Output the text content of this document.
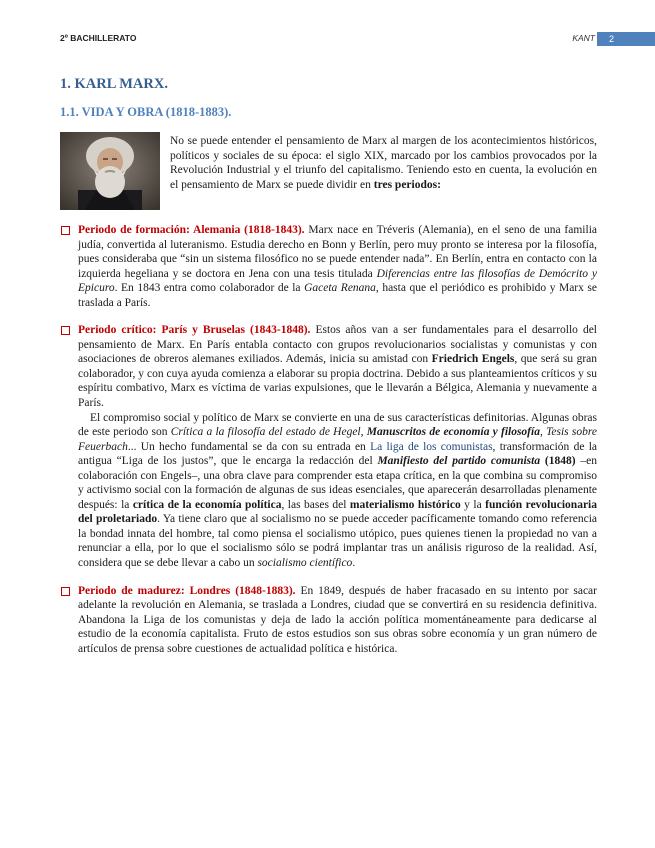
2º BACHILLERATO	KANT	2
1. KARL MARX.
1.1. VIDA Y OBRA (1818-1883).

No se puede entender el pensamiento de Marx al margen de los acontecimientos históricos, políticos y sociales de su época: el siglo XIX, marcado por los cambios provocados por la Revolución Industrial y el triunfo del capitalismo. Teniendo esto en cuenta, la evolución en el pensamiento de Marx se puede dividir en tres periodos:

Periodo de formación: Alemania (1818-1843). Marx nace en Tréveris (Alemania), en el seno de una familia judía, convertida al luteranismo. Estudia derecho en Bonn y Berlín, pero muy pronto se interesa por la filosofía, pues consideraba que “sin un sistema filosófico no se puede entender nada”. En Berlín, entra en contacto con la izquierda hegeliana y se doctora en Jena con una tesis titulada Diferencias entre las filosofías de Demócrito y Epicuro. En 1843 entra como colaborador de la Gaceta Renana, hasta que el periódico es prohibido y Marx se traslada a París.

Periodo crítico: París y Bruselas (1843-1848). Estos años van a ser fundamentales para el desarrollo del pensamiento de Marx. En París entabla contacto con grupos revolucionarios socialistas y comunistas y con asociaciones de obreros alemanes exiliados. Además, inicia su amistad con Friedrich Engels, que será su gran colaborador, y con cuya ayuda comienza a elaborar su propia doctrina. Debido a sus planteamientos críticos y su espíritu combativo, Marx es víctima de varias expulsiones, que le llevarán a Bélgica, Alemania y nuevamente a París.

El compromiso social y político de Marx se convierte en una de sus características definitorias. Algunas obras de este periodo son Crítica a la filosofía del estado de Hegel, Manuscritos de economía y filosofía, Tesis sobre Feuerbach... Un hecho fundamental se da con su entrada en La liga de los comunistas, transformación de la antigua “Liga de los justos”, que le encarga la redacción del Manifiesto del partido comunista (1848) –en colaboración con Engels–, una obra clave para comprender esta etapa crítica, en la que combina su compromiso y activismo social con la formación de algunas de sus ideas esenciales, que aparecerán desarrolladas plenamente después: la crítica de la economía política, las bases del materialismo histórico y la función revolucionaria del proletariado. Ya tiene claro que al socialismo no se puede acceder pacíficamente tomando como referencia la bondad innata del hombre, tal como piensa el socialismo utópico, pues quienes tienen la propiedad no van a renunciar a ella, por lo que el socialismo sólo se podrá implantar tras un análisis riguroso de la realidad. Así, considera que se debe llevar a cabo un socialismo científico.

Periodo de madurez: Londres (1848-1883). En 1849, después de haber fracasado en su intento por sacar adelante la revolución en Alemania, se traslada a Londres, ciudad que se convertirá en su residencia definitiva. Abandona la Liga de los comunistas y deja de lado la acción política momentáneamente para dedicarse al estudio de la economía capitalista. Fruto de estos estudios son sus obras sobre economía y un gran número de artículos de prensa sobre cuestiones de actualidad política e histórica.
